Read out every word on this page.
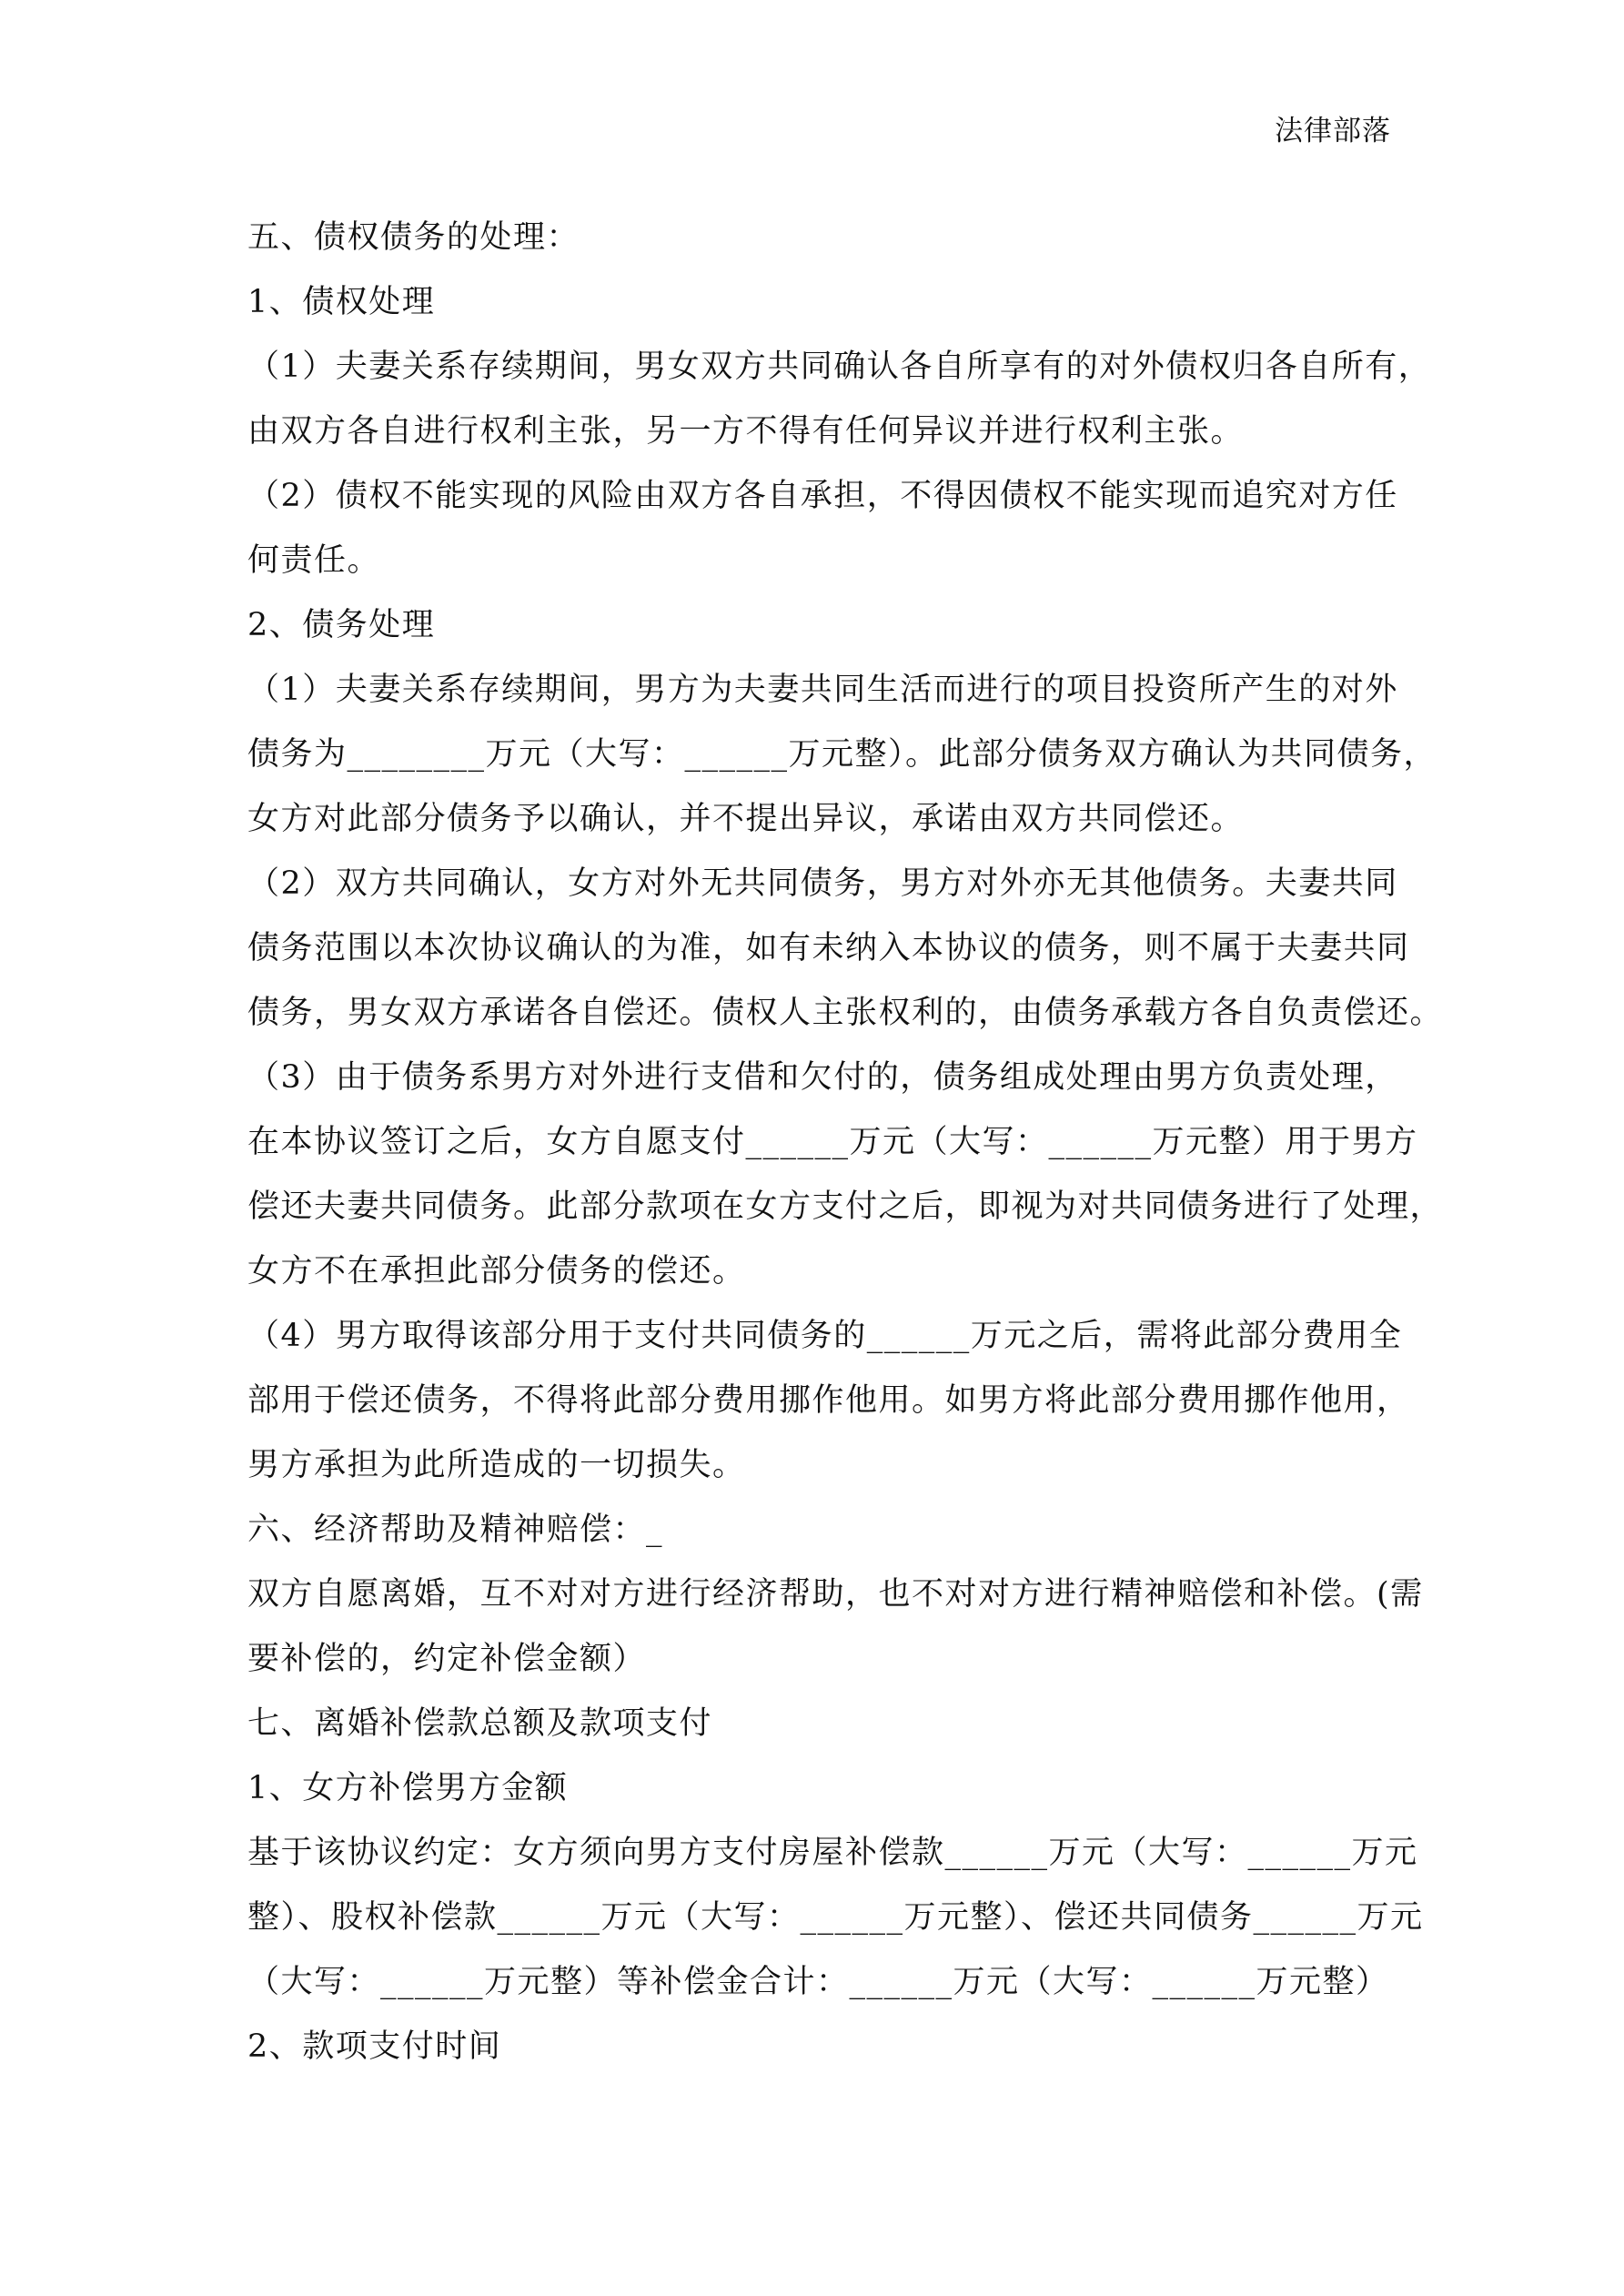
法律部落
五、债权债务的处理：
1、债权处理
（1）夫妻关系存续期间，男女双方共同确认各自所享有的对外债权归各自所有，
由双方各自进行权利主张，另一方不得有任何异议并进行权利主张。
（2）债权不能实现的风险由双方各自承担，不得因债权不能实现而追究对方任
何责任。
2、债务处理
（1）夫妻关系存续期间，男方为夫妻共同生活而进行的项目投资所产生的对外
债务为________万元（大写：______万元整）。此部分债务双方确认为共同债务，
女方对此部分债务予以确认，并不提出异议，承诺由双方共同偿还。
（2）双方共同确认，女方对外无共同债务，男方对外亦无其他债务。夫妻共同
债务范围以本次协议确认的为准，如有未纳入本协议的债务，则不属于夫妻共同
债务，男女双方承诺各自偿还。债权人主张权利的，由债务承载方各自负责偿还。
（3）由于债务系男方对外进行支借和欠付的，债务组成处理由男方负责处理，
在本协议签订之后，女方自愿支付______万元（大写：______万元整）用于男方
偿还夫妻共同债务。此部分款项在女方支付之后，即视为对共同债务进行了处理，
女方不在承担此部分债务的偿还。
（4）男方取得该部分用于支付共同债务的______万元之后，需将此部分费用全
部用于偿还债务，不得将此部分费用挪作他用。如男方将此部分费用挪作他用，
男方承担为此所造成的一切损失。
六、经济帮助及精神赔偿：_
双方自愿离婚，互不对对方进行经济帮助，也不对对方进行精神赔偿和补偿。(需
要补偿的，约定补偿金额）
七、离婚补偿款总额及款项支付
1、女方补偿男方金额
基于该协议约定：女方须向男方支付房屋补偿款______万元（大写：______万元
整）、股权补偿款______万元（大写：______万元整）、偿还共同债务______万元
（大写：______万元整）等补偿金合计：______万元（大写：______万元整）
2、款项支付时间
